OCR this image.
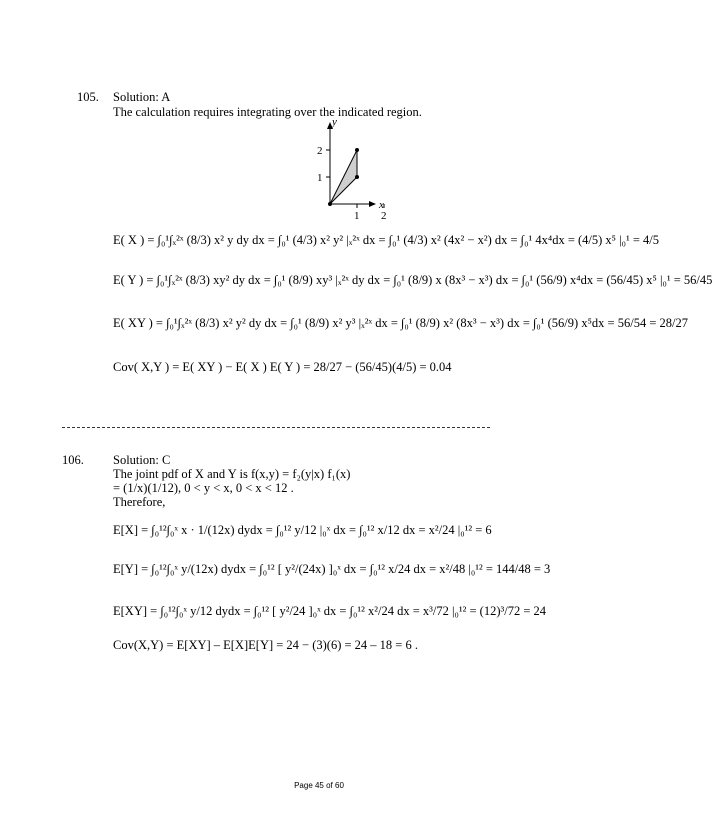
105. Solution: A
The calculation requires integrating over the indicated region.
y
x
1
2
1 2
E( X ) = ∫₀¹∫ₓ²ˣ (8/3) x² y dy dx = ∫₀¹ (4/3) x² y² |ₓ²ˣ dx = ∫₀¹ (4/3) x² (4x² − x²) dx = ∫₀¹ 4x⁴dx = (4/5) x⁵ |₀¹ = 4/5
E( Y ) = ∫₀¹∫ₓ²ˣ (8/3) xy² dy dx = ∫₀¹ (8/9) xy³ |ₓ²ˣ dy dx = ∫₀¹ (8/9) x (8x³ − x³) dx = ∫₀¹ (56/9) x⁴dx = (56/45) x⁵ |₀¹ = 56/45
E( XY ) = ∫₀¹∫ₓ²ˣ (8/3) x² y² dy dx = ∫₀¹ (8/9) x² y³ |ₓ²ˣ dx = ∫₀¹ (8/9) x² (8x³ − x³) dx = ∫₀¹ (56/9) x⁵dx = 56/54 = 28/27
Cov( X,Y ) = E( XY ) − E( X ) E( Y ) = 28/27 − (56/45)(4/5) = 0.04
106. Solution: C
The joint pdf of X and Y is f(x,y) = f₂(y|x) f₁(x)
= (1/x)(1/12), 0 < y < x, 0 < x < 12 .
Therefore,
E[X] = ∫₀¹²∫₀ˣ x · 1/(12x) dydx = ∫₀¹² y/12 |₀ˣ dx = ∫₀¹² x/12 dx = x²/24 |₀¹² = 6
E[Y] = ∫₀¹²∫₀ˣ y/(12x) dydx = ∫₀¹² [ y²/(24x) ]₀ˣ dx = ∫₀¹² x/24 dx = x²/48 |₀¹² = 144/48 = 3
E[XY] = ∫₀¹²∫₀ˣ y/12 dydx = ∫₀¹² [ y²/24 ]₀ˣ dx = ∫₀¹² x²/24 dx = x³/72 |₀¹² = (12)³/72 = 24
Cov(X,Y) = E[XY] – E[X]E[Y] = 24 − (3)(6) = 24 – 18 = 6 .
Page 45 of 60
